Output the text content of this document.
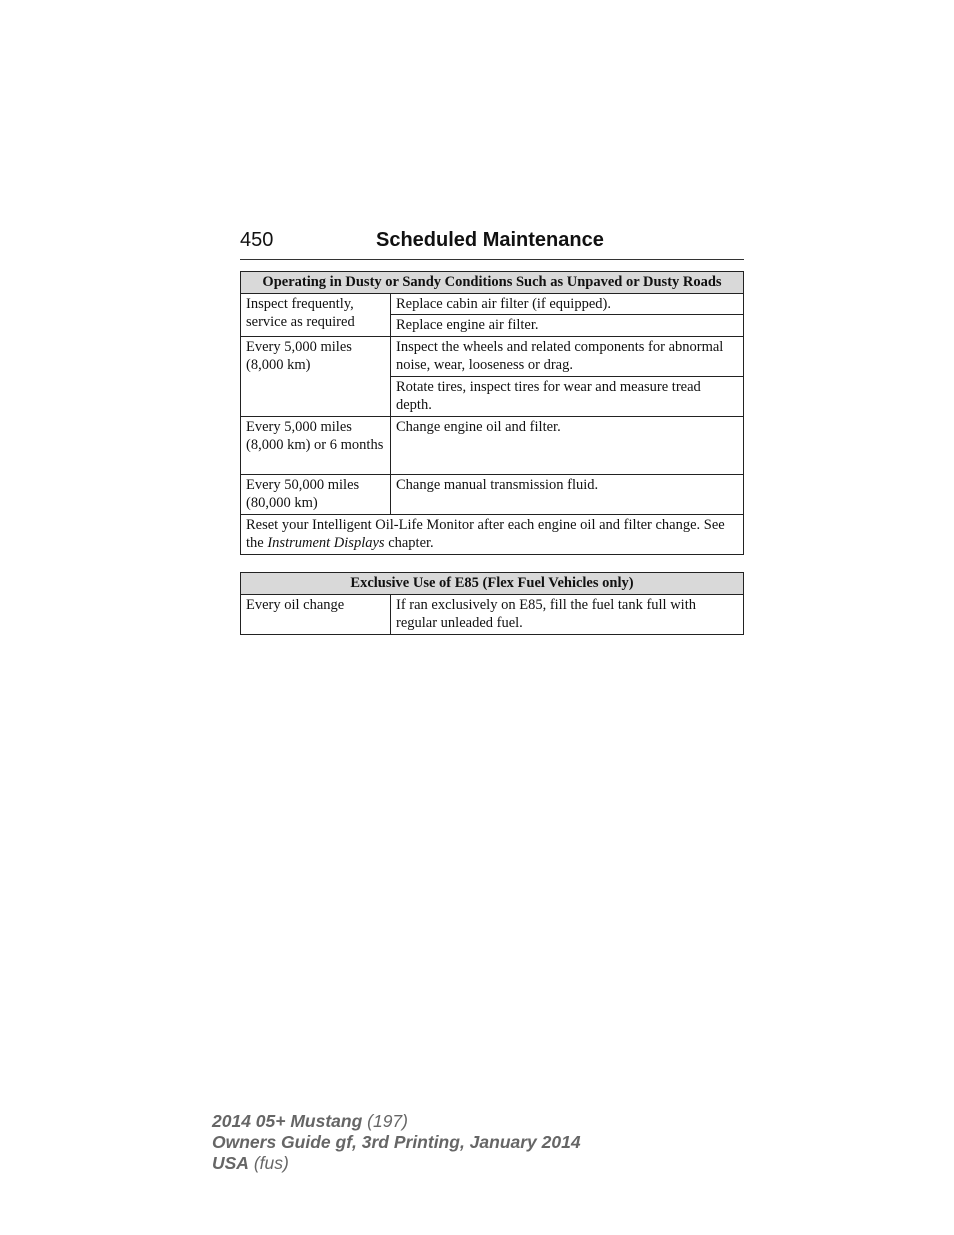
450	Scheduled Maintenance
Operating in Dusty or Sandy Conditions Such as Unpaved or Dusty Roads	
Inspect frequently, service as required	Replace cabin air filter (if equipped).
	Replace engine air filter.
Every 5,000 miles (8,000 km)	Inspect the wheels and related components for abnormal noise, wear, looseness or drag.
	Rotate tires, inspect tires for wear and measure tread depth.
Every 5,000 miles (8,000 km) or 6 months	Change engine oil and filter.
Every 50,000 miles (80,000 km)	Change manual transmission fluid.
Reset your Intelligent Oil-Life Monitor after each engine oil and filter change. See the Instrument Displays chapter.	
Exclusive Use of E85 (Flex Fuel Vehicles only)
Every oil change	If ran exclusively on E85, fill the fuel tank full with regular unleaded fuel.
2014 05+ Mustang (197)
Owners Guide gf, 3rd Printing, January 2014
USA (fus)
